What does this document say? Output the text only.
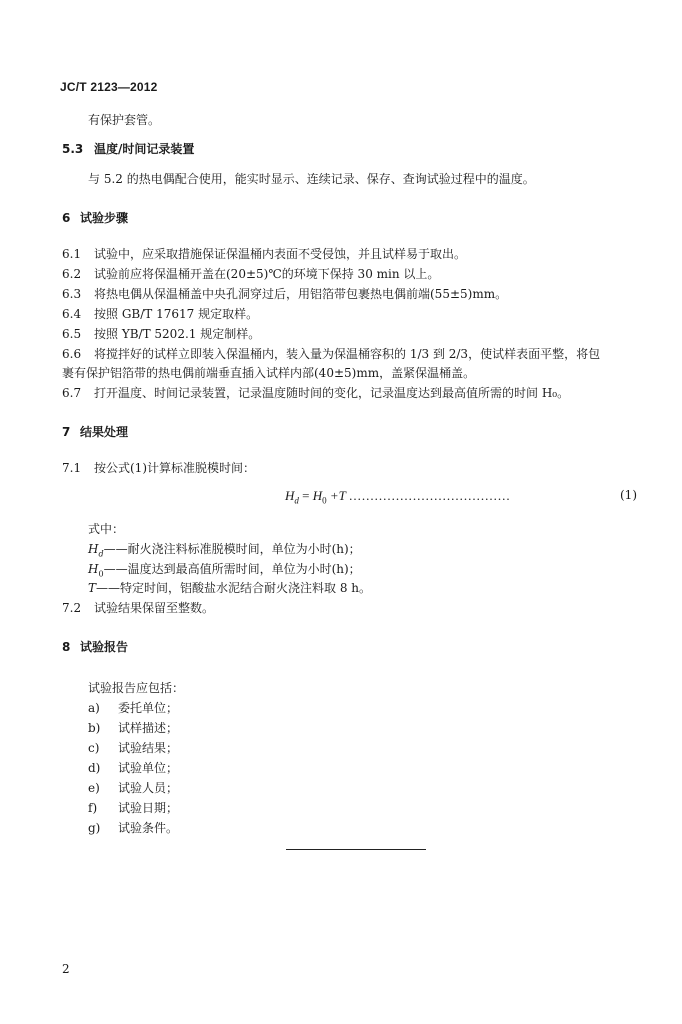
JC/T 2123—2012
有保护套管。
5.3 温度/时间记录装置
与 5.2 的热电偶配合使用，能实时显示、连续记录、保存、查询试验过程中的温度。
6 试验步骤
6.1 试验中，应采取措施保证保温桶内表面不受侵蚀，并且试样易于取出。
6.2 试验前应将保温桶开盖在(20±5)℃的环境下保持 30 min 以上。
6.3 将热电偶从保温桶盖中央孔洞穿过后，用铝箔带包裹热电偶前端(55±5)mm。
6.4 按照 GB/T 17617 规定取样。
6.5 按照 YB/T 5202.1 规定制样。
6.6 将搅拌好的试样立即装入保温桶内，装入量为保温桶容积的 1/3 到 2/3，使试样表面平整，将包
裹有保护铝箔带的热电偶前端垂直插入试样内部(40±5)mm，盖紧保温桶盖。
6.7 打开温度、时间记录装置，记录温度随时间的变化，记录温度达到最高值所需的时间 H₀。
7 结果处理
7.1 按公式(1)计算标准脱模时间：
$H_d = H_0 +T$ ......................................	(1)
式中：
$H_d——$耐火浇注料标准脱模时间，单位为小时(h)；
$H_0——$温度达到最高值所需时间，单位为小时(h)；
T——特定时间，铝酸盐水泥结合耐火浇注料取 8 h。
7.2 试验结果保留至整数。
8 试验报告
试验报告应包括：
a) 委托单位；
b) 试样描述；
c) 试验结果；
d) 试验单位；
e) 试验人员；
f) 试验日期；
g) 试验条件。
2
